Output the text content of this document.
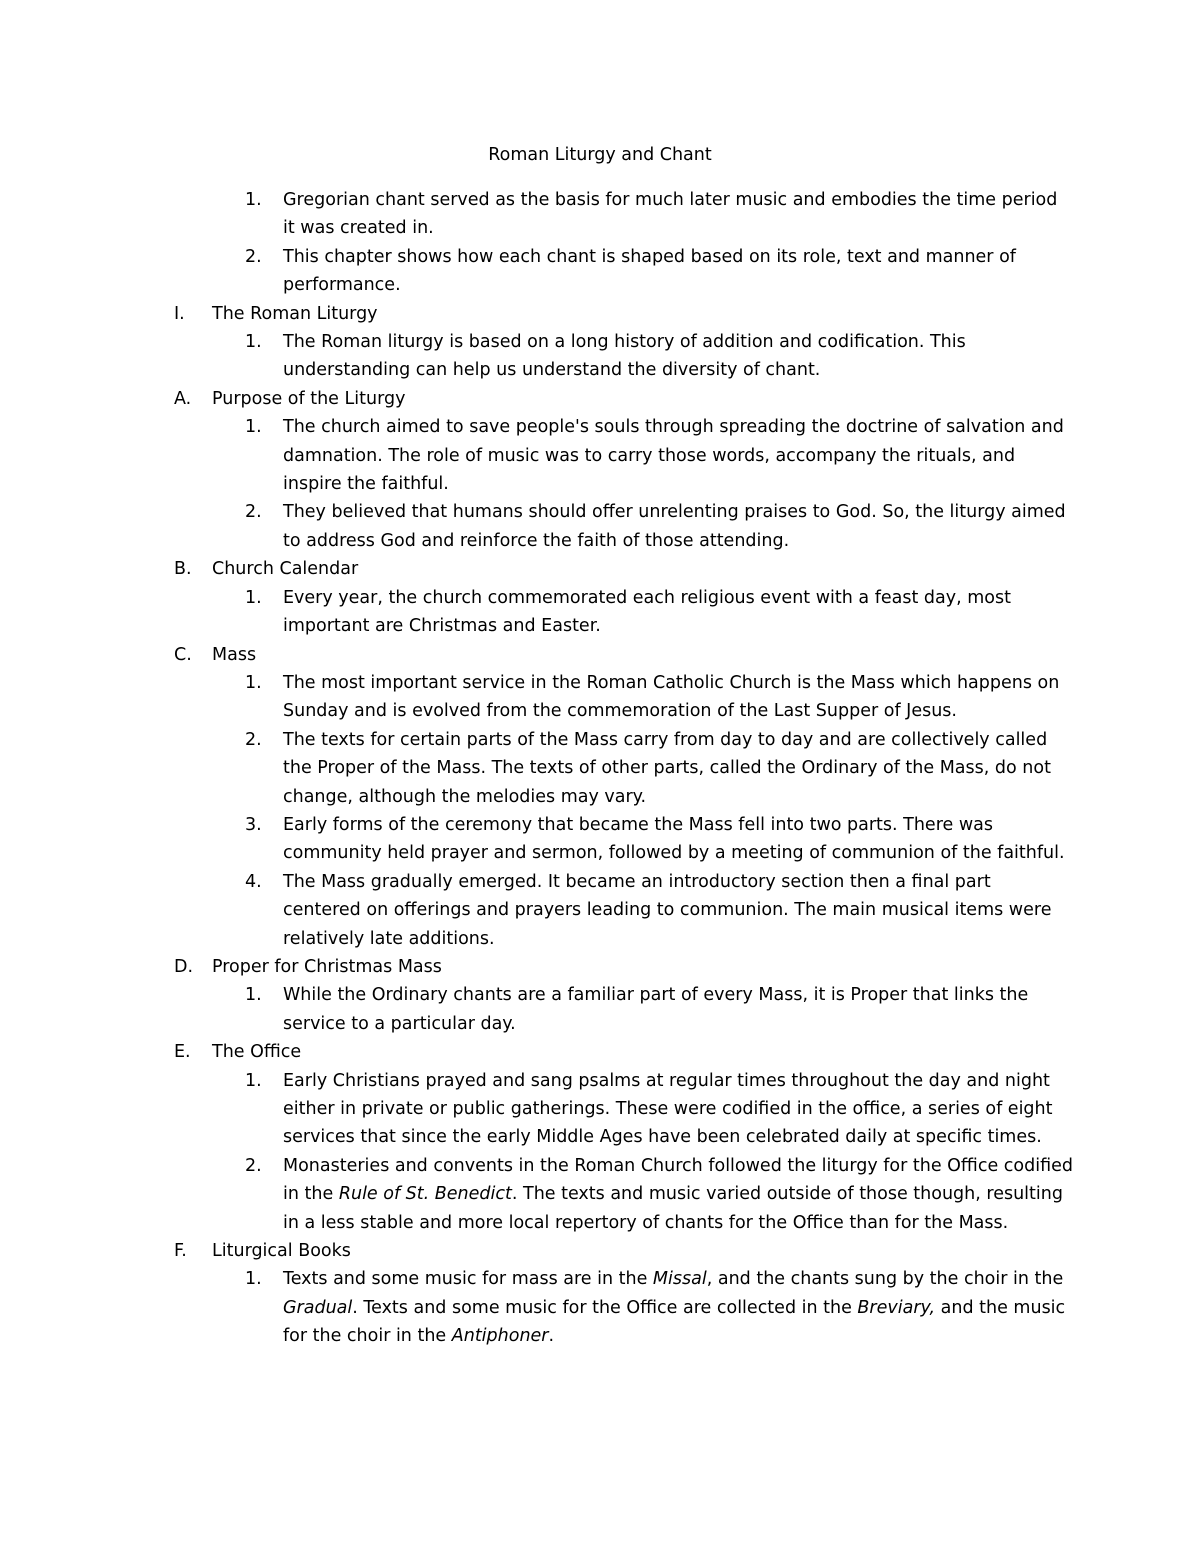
Roman Liturgy and Chant
1.	Gregorian chant served as the basis for much later music and embodies the time period it was created in.
2.	This chapter shows how each chant is shaped based on its role, text and manner of performance.
I.	The Roman Liturgy
1.	The Roman liturgy is based on a long history of addition and codification. This understanding can help us understand the diversity of chant.
A.	Purpose of the Liturgy
1.	The church aimed to save people's souls through spreading the doctrine of salvation and damnation. The role of music was to carry those words, accompany the rituals, and inspire the faithful.
2.	They believed that humans should offer unrelenting praises to God. So, the liturgy aimed to address God and reinforce the faith of those attending.
B.	Church Calendar
1.	Every year, the church commemorated each religious event with a feast day, most important are Christmas and Easter.
C.	Mass
1.	The most important service in the Roman Catholic Church is the Mass which happens on Sunday and is evolved from the commemoration of the Last Supper of Jesus.
2.	The texts for certain parts of the Mass carry from day to day and are collectively called the Proper of the Mass. The texts of other parts, called the Ordinary of the Mass, do not change, although the melodies may vary.
3.	Early forms of the ceremony that became the Mass fell into two parts. There was community held prayer and sermon, followed by a meeting of communion of the faithful.
4.	The Mass gradually emerged. It became an introductory section then a final part centered on offerings and prayers leading to communion. The main musical items were relatively late additions.
D.	Proper for Christmas Mass
1.	While the Ordinary chants are a familiar part of every Mass, it is Proper that links the service to a particular day.
E.	The Office
1.	Early Christians prayed and sang psalms at regular times throughout the day and night either in private or public gatherings. These were codified in the office, a series of eight services that since the early Middle Ages have been celebrated daily at specific times.
2.	Monasteries and convents in the Roman Church followed the liturgy for the Office codified in the Rule of St. Benedict. The texts and music varied outside of those though, resulting in a less stable and more local repertory of chants for the Office than for the Mass.
F.	Liturgical Books
1.	Texts and some music for mass are in the Missal, and the chants sung by the choir in the Gradual. Texts and some music for the Office are collected in the Breviary, and the music for the choir in the Antiphoner.
